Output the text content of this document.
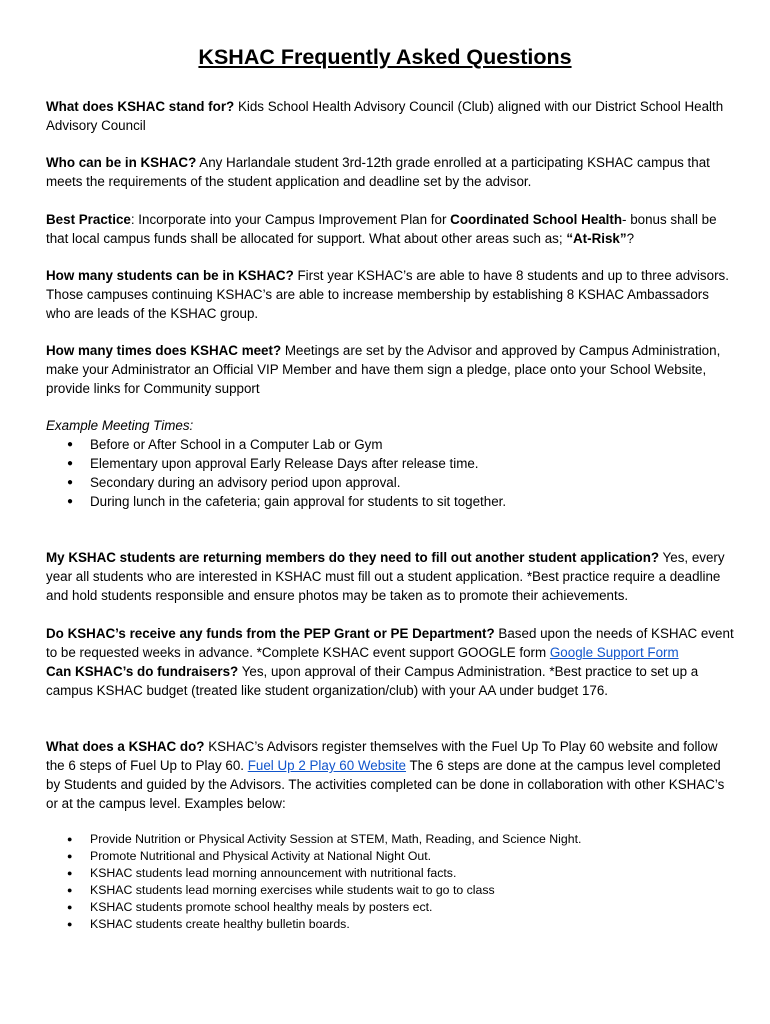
KSHAC Frequently Asked Questions

What does KSHAC stand for? Kids School Health Advisory Council (Club) aligned with our District School Health Advisory Council

Who can be in KSHAC? Any Harlandale student 3rd-12th grade enrolled at a participating KSHAC campus that meets the requirements of the student application and deadline set by the advisor.

Best Practice: Incorporate into your Campus Improvement Plan for Coordinated School Health- bonus shall be that local campus funds shall be allocated for support. What about other areas such as; “At-Risk”?

How many students can be in KSHAC? First year KSHAC’s are able to have 8 students and up to three advisors. Those campuses continuing KSHAC’s are able to increase membership by establishing 8 KSHAC Ambassadors who are leads of the KSHAC group.

How many times does KSHAC meet? Meetings are set by the Advisor and approved by Campus Administration, make your Administrator an Official VIP Member and have them sign a pledge, place onto your School Website, provide links for Community support

Example Meeting Times:

● Before or After School in a Computer Lab or Gym
● Elementary upon approval Early Release Days after release time.
● Secondary during an advisory period upon approval.
● During lunch in the cafeteria; gain approval for students to sit together.

My KSHAC students are returning members do they need to fill out another student application? Yes, every year all students who are interested in KSHAC must fill out a student application. *Best practice require a deadline and hold students responsible and ensure photos may be taken as to promote their achievements.

Do KSHAC’s receive any funds from the PEP Grant or PE Department? Based upon the needs of KSHAC event to be requested weeks in advance. *Complete KSHAC event support GOOGLE form Google Support Form
Can KSHAC’s do fundraisers? Yes, upon approval of their Campus Administration. *Best practice to set up a campus KSHAC budget (treated like student organization/club) with your AA under budget 176.

What does a KSHAC do? KSHAC’s Advisors register themselves with the Fuel Up To Play 60 website and follow the 6 steps of Fuel Up to Play 60. Fuel Up 2 Play 60 Website The 6 steps are done at the campus level completed by Students and guided by the Advisors. The activities completed can be done in collaboration with other KSHAC’s or at the campus level. Examples below:

● Provide Nutrition or Physical Activity Session at STEM, Math, Reading, and Science Night.
● Promote Nutritional and Physical Activity at National Night Out.
● KSHAC students lead morning announcement with nutritional facts.
● KSHAC students lead morning exercises while students wait to go to class
● KSHAC students promote school healthy meals by posters ect.
● KSHAC students create healthy bulletin boards.
